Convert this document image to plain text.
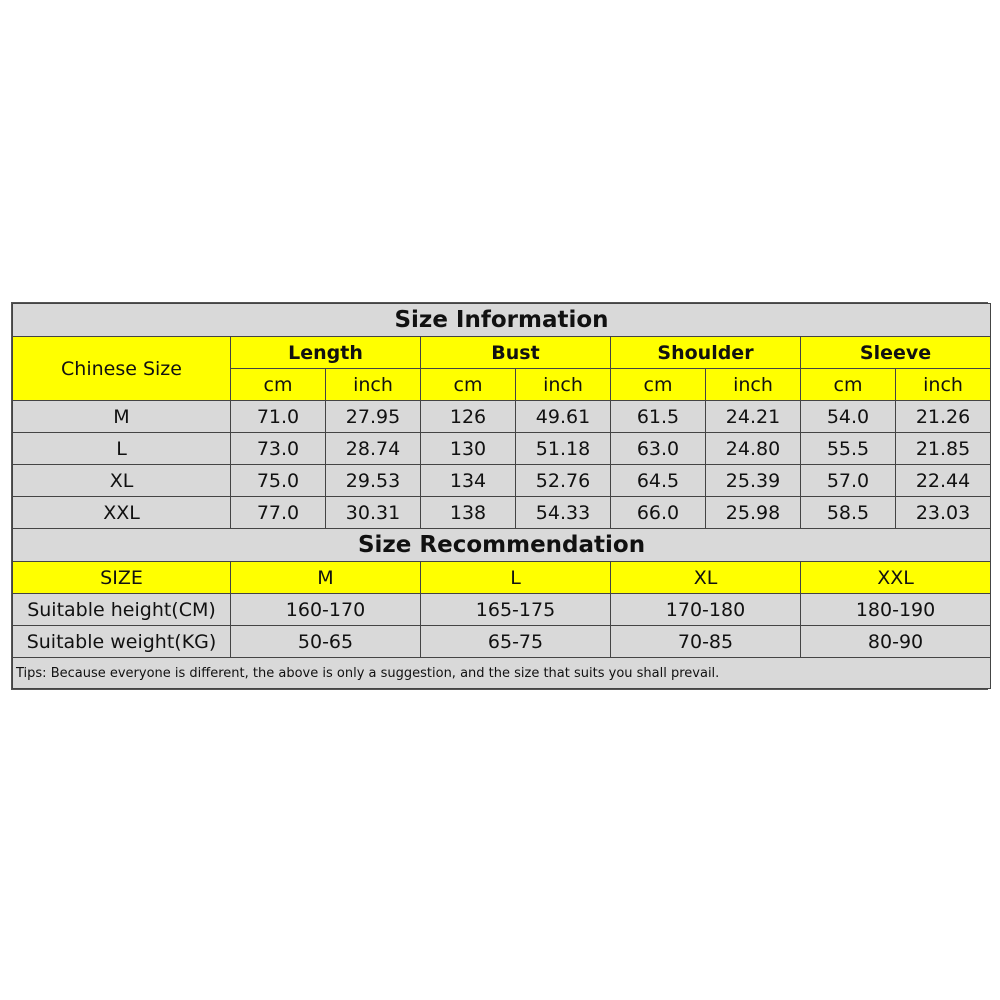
Size Information								
Chinese Size	Length		Bust		Shoulder		Sleeve	
	cm	inch	cm	inch	cm	inch	cm	inch
M	71.0	27.95	126	49.61	61.5	24.21	54.0	21.26
L	73.0	28.74	130	51.18	63.0	24.80	55.5	21.85
XL	75.0	29.53	134	52.76	64.5	25.39	57.0	22.44
XXL	77.0	30.31	138	54.33	66.0	25.98	58.5	23.03
Size Recommendation								
SIZE	M		L		XL		XXL	
Suitable height(CM)	160-170		165-175		170-180		180-190	
Suitable weight(KG)	50-65		65-75		70-85		80-90	
Tips: Because everyone is different, the above is only a suggestion, and the size that suits you shall prevail.								
